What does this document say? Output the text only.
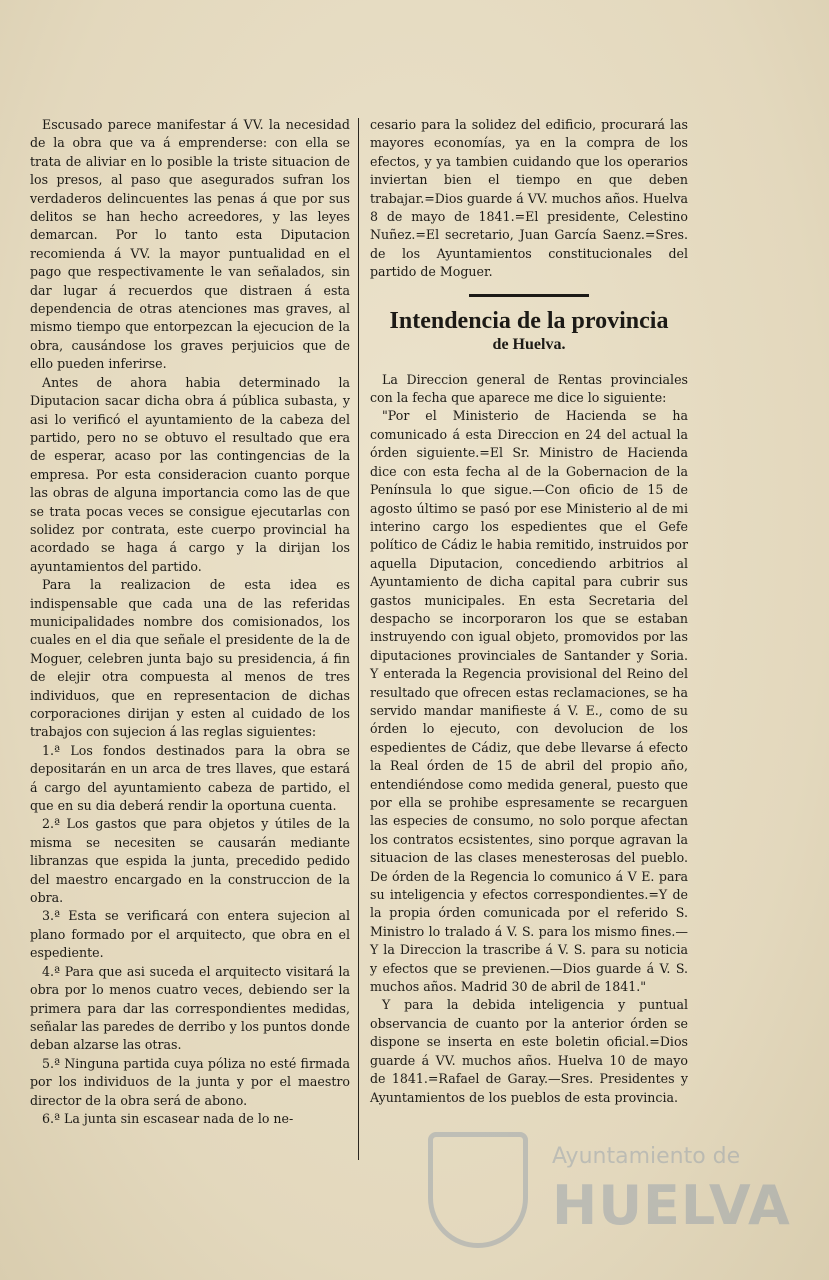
Escusado parece manifestar á VV. la necesidad de la obra que va á emprenderse: con ella se trata de aliviar en lo posible la triste situacion de los presos, al paso que asegurados sufran los verdaderos delincuentes las penas á que por sus delitos se han hecho acreedores, y las leyes demarcan. Por lo tanto esta Diputacion recomienda á VV. la mayor puntualidad en el pago que respectivamente le van señalados, sin dar lugar á recuerdos que distraen á esta dependencia de otras atenciones mas graves, al mismo tiempo que entorpezcan la ejecucion de la obra, causándose los graves perjuicios que de ello pueden inferirse.

Antes de ahora habia determinado la Diputacion sacar dicha obra á pública subasta, y asi lo verificó el ayuntamiento de la cabeza del partido, pero no se obtuvo el resultado que era de esperar, acaso por las contingencias de la empresa. Por esta consideracion cuanto porque las obras de alguna importancia como las de que se trata pocas veces se consigue ejecutarlas con solidez por contrata, este cuerpo provincial ha acordado se haga á cargo y la dirijan los ayuntamientos del partido.

Para la realizacion de esta idea es indispensable que cada una de las referidas municipalidades nombre dos comisionados, los cuales en el dia que señale el presidente de la de Moguer, celebren junta bajo su presidencia, á fin de elejir otra compuesta al menos de tres individuos, que en representacion de dichas corporaciones dirijan y esten al cuidado de los trabajos con sujecion á las reglas siguientes:

1.ª Los fondos destinados para la obra se depositarán en un arca de tres llaves, que estará á cargo del ayuntamiento cabeza de partido, el que en su dia deberá rendir la oportuna cuenta.

2.ª Los gastos que para objetos y útiles de la misma se necesiten se causarán mediante libranzas que espida la junta, precedido pedido del maestro encargado en la construccion de la obra.

3.ª Esta se verificará con entera sujecion al plano formado por el arquitecto, que obra en el espediente.

4.ª Para que asi suceda el arquitecto visitará la obra por lo menos cuatro veces, debiendo ser la primera para dar las correspondientes medidas, señalar las paredes de derribo y los puntos donde deban alzarse las otras.

5.ª Ninguna partida cuya póliza no esté firmada por los individuos de la junta y por el maestro director de la obra será de abono.

6.ª La junta sin escasear nada de lo ne-

cesario para la solidez del edificio, procurará las mayores economías, ya en la compra de los efectos, y ya tambien cuidando que los operarios inviertan bien el tiempo en que deben trabajar.=Dios guarde á VV. muchos años. Huelva 8 de mayo de 1841.=El presidente, Celestino Nuñez.=El secretario, Juan García Saenz.=Sres. de los Ayuntamientos constitucionales del partido de Moguer.

Intendencia de la provincia
de Huelva.

La Direccion general de Rentas provinciales con la fecha que aparece me dice lo siguiente:

"Por el Ministerio de Hacienda se ha comunicado á esta Direccion en 24 del actual la órden siguiente.=El Sr. Ministro de Hacienda dice con esta fecha al de la Gobernacion de la Península lo que sigue.—Con oficio de 15 de agosto último se pasó por ese Ministerio al de mi interino cargo los espedientes que el Gefe político de Cádiz le habia remitido, instruidos por aquella Diputacion, concediendo arbitrios al Ayuntamiento de dicha capital para cubrir sus gastos municipales. En esta Secretaria del despacho se incorporaron los que se estaban instruyendo con igual objeto, promovidos por las diputaciones provinciales de Santander y Soria. Y enterada la Regencia provisional del Reino del resultado que ofrecen estas reclamaciones, se ha servido mandar manifieste á V. E., como de su órden lo ejecuto, con devolucion de los espedientes de Cádiz, que debe llevarse á efecto la Real órden de 15 de abril del propio año, entendiéndose como medida general, puesto que por ella se prohibe espresamente se recarguen las especies de consumo, no solo porque afectan los contratos ecsistentes, sino porque agravan la situacion de las clases menesterosas del pueblo. De órden de la Regencia lo comunico á V E. para su inteligencia y efectos correspondientes.=Y de la propia órden comunicada por el referido S. Ministro lo tralado á V. S. para los mismo fines.—Y la Direccion la trascribe á V. S. para su noticia y efectos que se previenen.—Dios guarde á V. S. muchos años. Madrid 30 de abril de 1841."

Y para la debida inteligencia y puntual observancia de cuanto por la anterior órden se dispone se inserta en este boletin oficial.=Dios guarde á VV. muchos años. Huelva 10 de mayo de 1841.=Rafael de Garay.—Sres. Presidentes y Ayuntamientos de los pueblos de esta provincia.

Ayuntamiento de
HUELVA
